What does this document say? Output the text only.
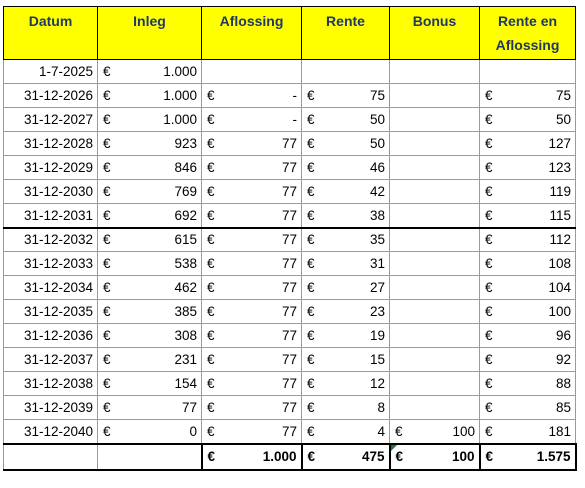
Datum	Inleg	Aflossing	Rente	Bonus	Rente en
Aflossing
1-7-2025	€ 1.000				

31-12-2026	€ 1.000	€ -	€ 75		€ 75

31-12-2027	€ 1.000	€ -	€ 50		€ 50

31-12-2028	€ 923	€ 77	€ 50		€ 127

31-12-2029	€ 846	€ 77	€ 46		€ 123

31-12-2030	€ 769	€ 77	€ 42		€ 119

31-12-2031	€ 692	€ 77	€ 38		€ 115

31-12-2032	€ 615	€ 77	€ 35		€ 112

31-12-2033	€ 538	€ 77	€ 31		€ 108

31-12-2034	€ 462	€ 77	€ 27		€ 104

31-12-2035	€ 385	€ 77	€ 23		€ 100

31-12-2036	€ 308	€ 77	€ 19		€ 96

31-12-2037	€ 231	€ 77	€ 15		€ 92

31-12-2038	€ 154	€ 77	€ 12		€ 88

31-12-2039	€ 77	€ 77	€ 8		€ 85

31-12-2040	€ 0	€ 77	€ 4	€ 100	€ 181

		€ 1.000	€ 475	€ 100	€ 1.575
